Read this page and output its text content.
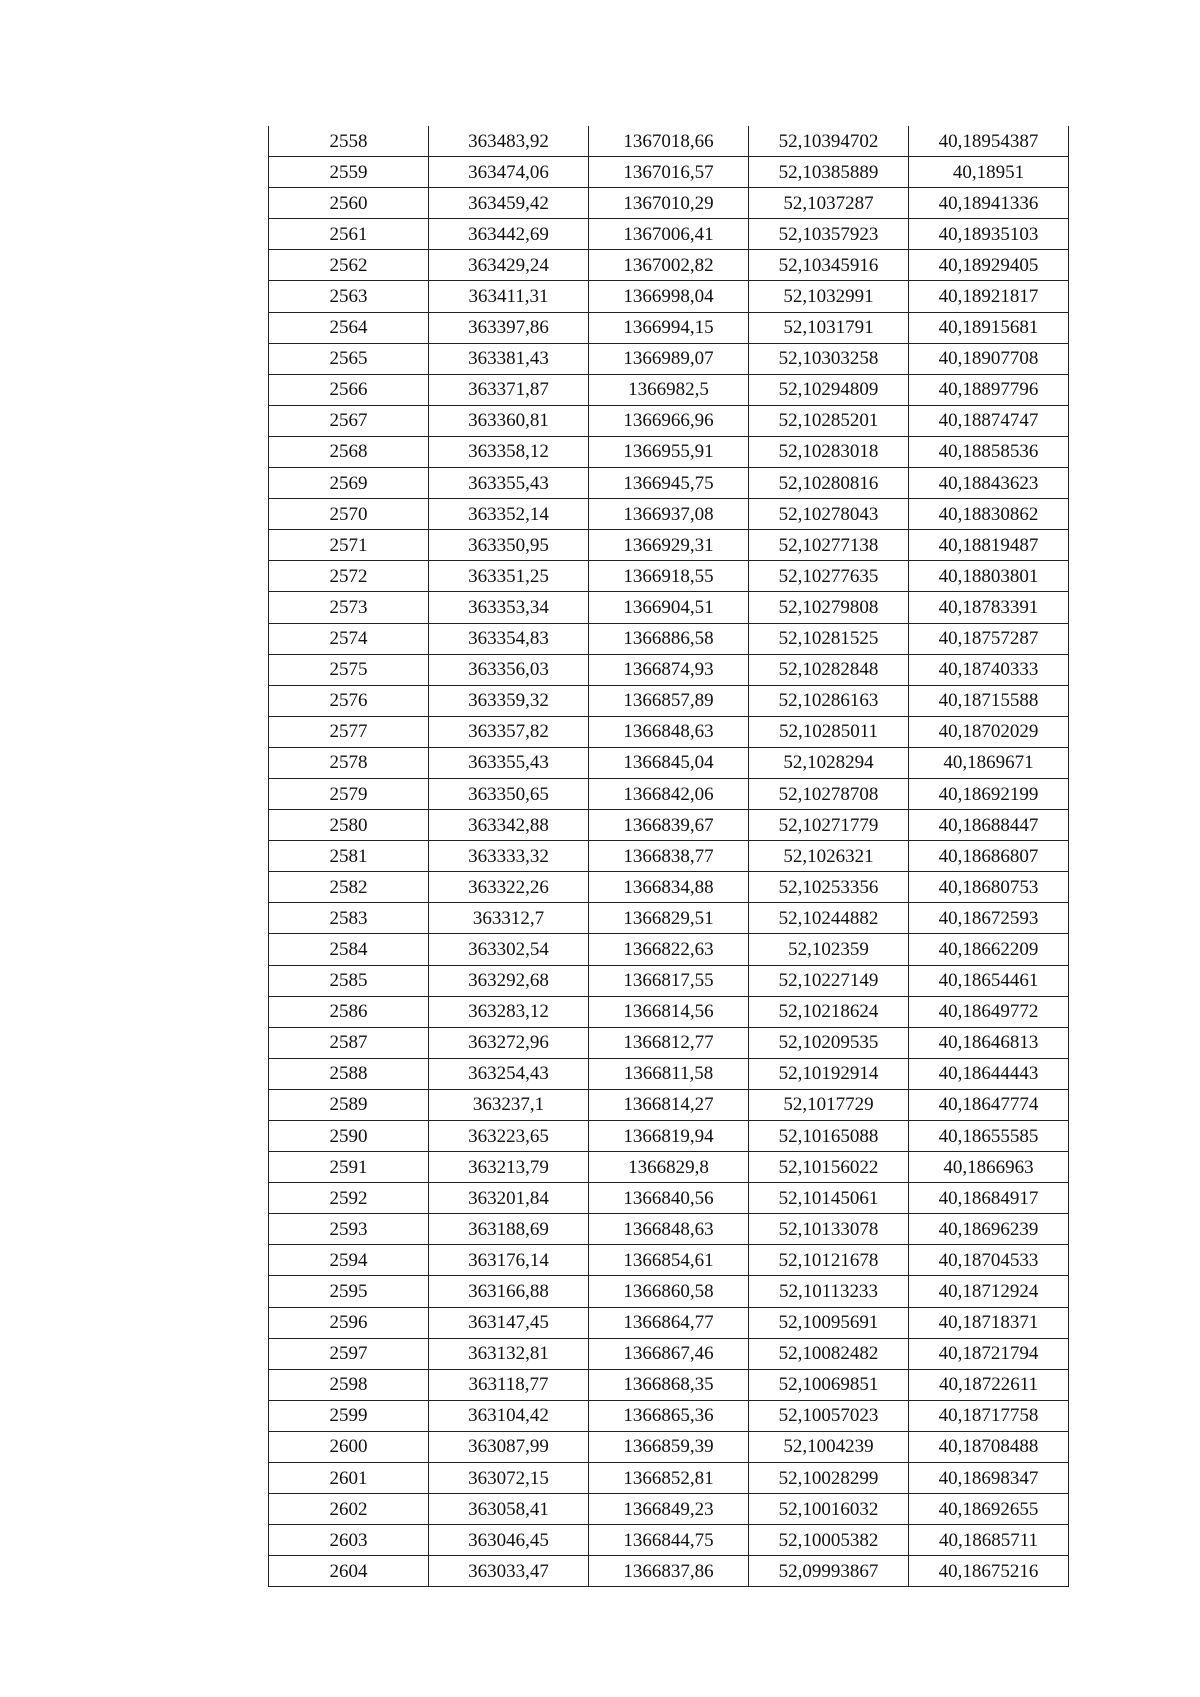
2558	363483,92	1367018,66	52,10394702	40,18954387
2559	363474,06	1367016,57	52,10385889	40,18951
2560	363459,42	1367010,29	52,1037287	40,18941336
2561	363442,69	1367006,41	52,10357923	40,18935103
2562	363429,24	1367002,82	52,10345916	40,18929405
2563	363411,31	1366998,04	52,1032991	40,18921817
2564	363397,86	1366994,15	52,1031791	40,18915681
2565	363381,43	1366989,07	52,10303258	40,18907708
2566	363371,87	1366982,5	52,10294809	40,18897796
2567	363360,81	1366966,96	52,10285201	40,18874747
2568	363358,12	1366955,91	52,10283018	40,18858536
2569	363355,43	1366945,75	52,10280816	40,18843623
2570	363352,14	1366937,08	52,10278043	40,18830862
2571	363350,95	1366929,31	52,10277138	40,18819487
2572	363351,25	1366918,55	52,10277635	40,18803801
2573	363353,34	1366904,51	52,10279808	40,18783391
2574	363354,83	1366886,58	52,10281525	40,18757287
2575	363356,03	1366874,93	52,10282848	40,18740333
2576	363359,32	1366857,89	52,10286163	40,18715588
2577	363357,82	1366848,63	52,10285011	40,18702029
2578	363355,43	1366845,04	52,1028294	40,1869671
2579	363350,65	1366842,06	52,10278708	40,18692199
2580	363342,88	1366839,67	52,10271779	40,18688447
2581	363333,32	1366838,77	52,1026321	40,18686807
2582	363322,26	1366834,88	52,10253356	40,18680753
2583	363312,7	1366829,51	52,10244882	40,18672593
2584	363302,54	1366822,63	52,102359	40,18662209
2585	363292,68	1366817,55	52,10227149	40,18654461
2586	363283,12	1366814,56	52,10218624	40,18649772
2587	363272,96	1366812,77	52,10209535	40,18646813
2588	363254,43	1366811,58	52,10192914	40,18644443
2589	363237,1	1366814,27	52,1017729	40,18647774
2590	363223,65	1366819,94	52,10165088	40,18655585
2591	363213,79	1366829,8	52,10156022	40,1866963
2592	363201,84	1366840,56	52,10145061	40,18684917
2593	363188,69	1366848,63	52,10133078	40,18696239
2594	363176,14	1366854,61	52,10121678	40,18704533
2595	363166,88	1366860,58	52,10113233	40,18712924
2596	363147,45	1366864,77	52,10095691	40,18718371
2597	363132,81	1366867,46	52,10082482	40,18721794
2598	363118,77	1366868,35	52,10069851	40,18722611
2599	363104,42	1366865,36	52,10057023	40,18717758
2600	363087,99	1366859,39	52,1004239	40,18708488
2601	363072,15	1366852,81	52,10028299	40,18698347
2602	363058,41	1366849,23	52,10016032	40,18692655
2603	363046,45	1366844,75	52,10005382	40,18685711
2604	363033,47	1366837,86	52,09993867	40,18675216
